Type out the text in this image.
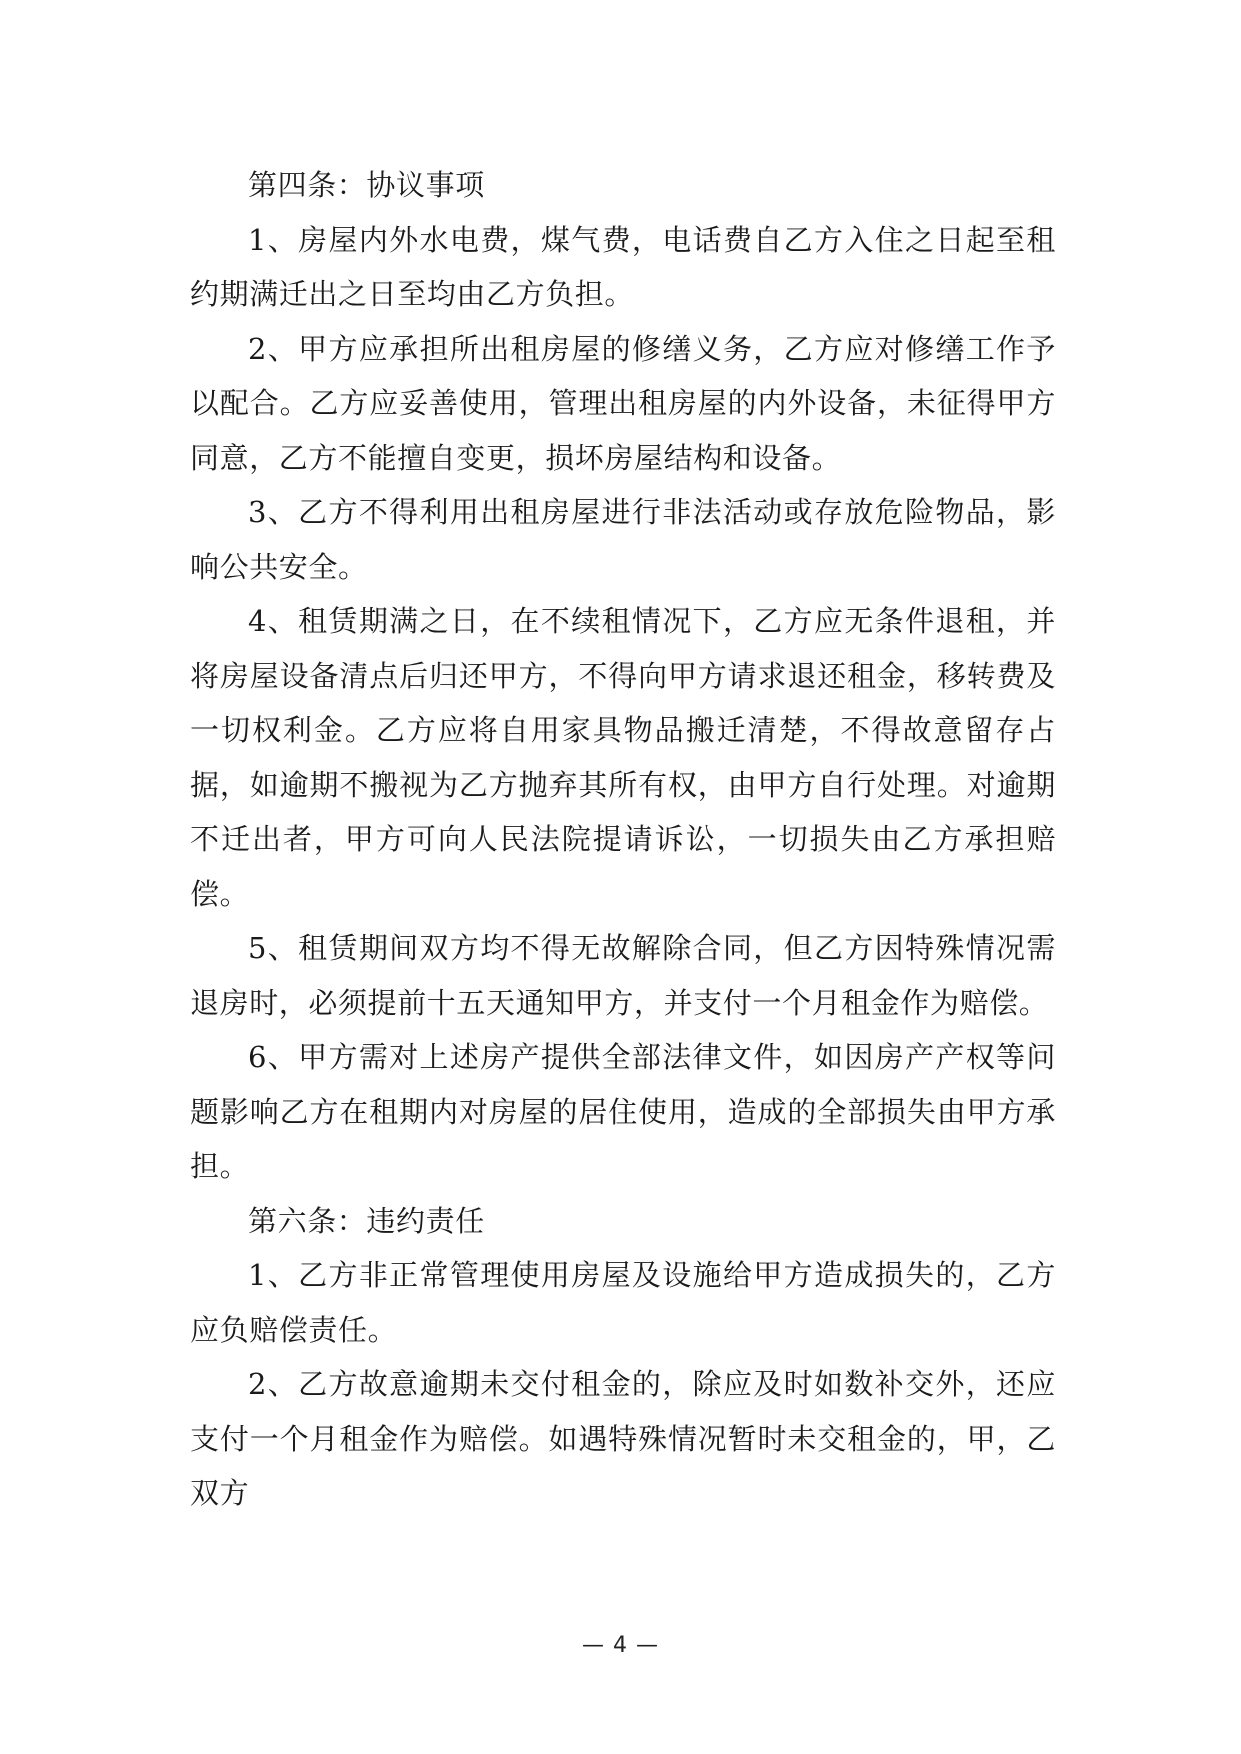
第四条：协议事项

1、房屋内外水电费，煤气费，电话费自乙方入住之日起至租约期满迁出之日至均由乙方负担。

2、甲方应承担所出租房屋的修缮义务，乙方应对修缮工作予以配合。乙方应妥善使用，管理出租房屋的内外设备，未征得甲方同意，乙方不能擅自变更，损坏房屋结构和设备。

3、乙方不得利用出租房屋进行非法活动或存放危险物品，影响公共安全。

4、租赁期满之日，在不续租情况下，乙方应无条件退租，并将房屋设备清点后归还甲方，不得向甲方请求退还租金，移转费及一切权利金。乙方应将自用家具物品搬迁清楚，不得故意留存占据，如逾期不搬视为乙方抛弃其所有权，由甲方自行处理。对逾期不迁出者，甲方可向人民法院提请诉讼，一切损失由乙方承担赔偿。

5、租赁期间双方均不得无故解除合同，但乙方因特殊情况需退房时，必须提前十五天通知甲方，并支付一个月租金作为赔偿。

6、甲方需对上述房产提供全部法律文件，如因房产产权等问题影响乙方在租期内对房屋的居住使用，造成的全部损失由甲方承担。

第六条：违约责任

1、乙方非正常管理使用房屋及设施给甲方造成损失的，乙方应负赔偿责任。

2、乙方故意逾期未交付租金的，除应及时如数补交外，还应支付一个月租金作为赔偿。如遇特殊情况暂时未交租金的，甲，乙双方

— 4 —
